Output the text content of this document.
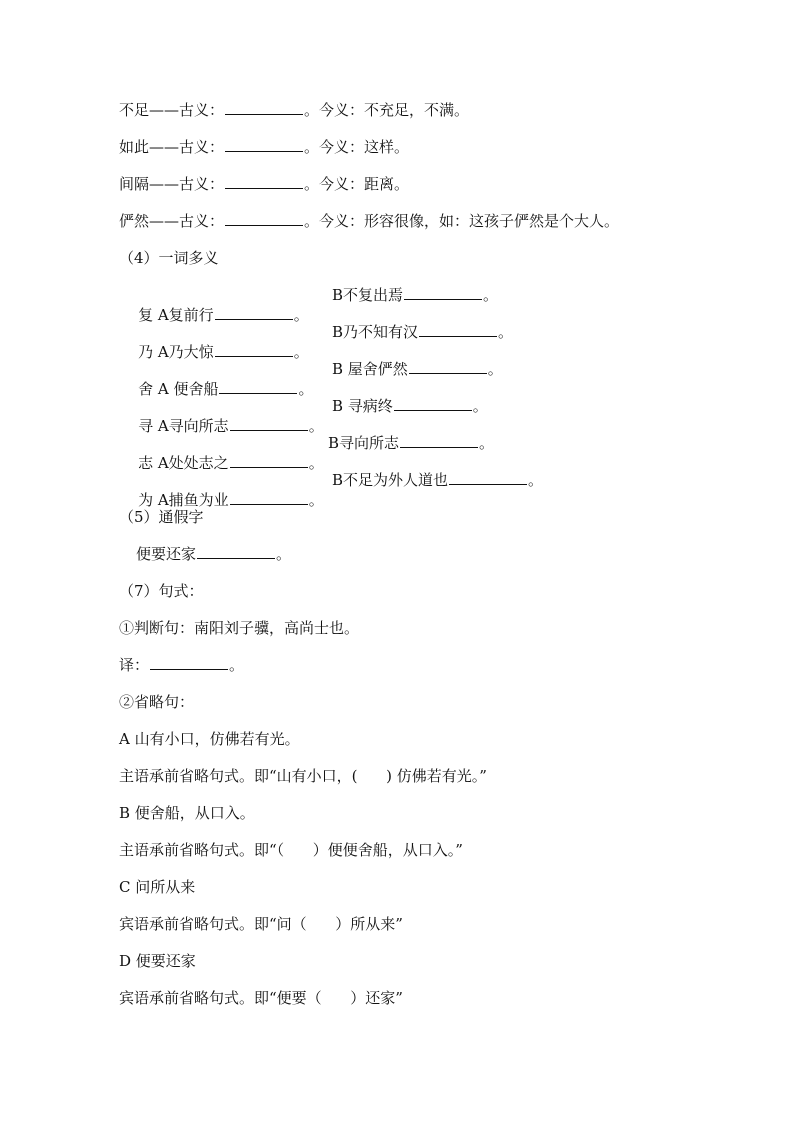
不足——古义：	。今义：不充足，不满。
如此——古义：	。今义：这样。
间隔——古义：	。今义：距离。
俨然——古义：	。今义：形容很像，如：这孩子俨然是个大人。
（4）一词多义

复 A复前行	。

B不复出焉	。

乃 A乃大惊	。

B乃不知有汉	。

舍 A 便舍船	。

B 屋舍俨然	。

寻 A寻向所志	。

B 寻病终	。

志 A处处志之	。

B寻向所志	。

为 A捕鱼为业	。

B不足为外人道也	。

（5）通假字
便要还家	。
（7）句式：
①判断句：南阳刘子骥，高尚士也。
译：	。
②省略句：
A 山有小口，仿佛若有光。
主语承前省略句式。即“山有小口，(      ) 仿佛若有光。”
B 便舍船，从口入。
主语承前省略句式。即“（      ）便便舍船，从口入。”
C 问所从来
宾语承前省略句式。即“问（      ）所从来”
D 便要还家
宾语承前省略句式。即“便要（      ）还家”
